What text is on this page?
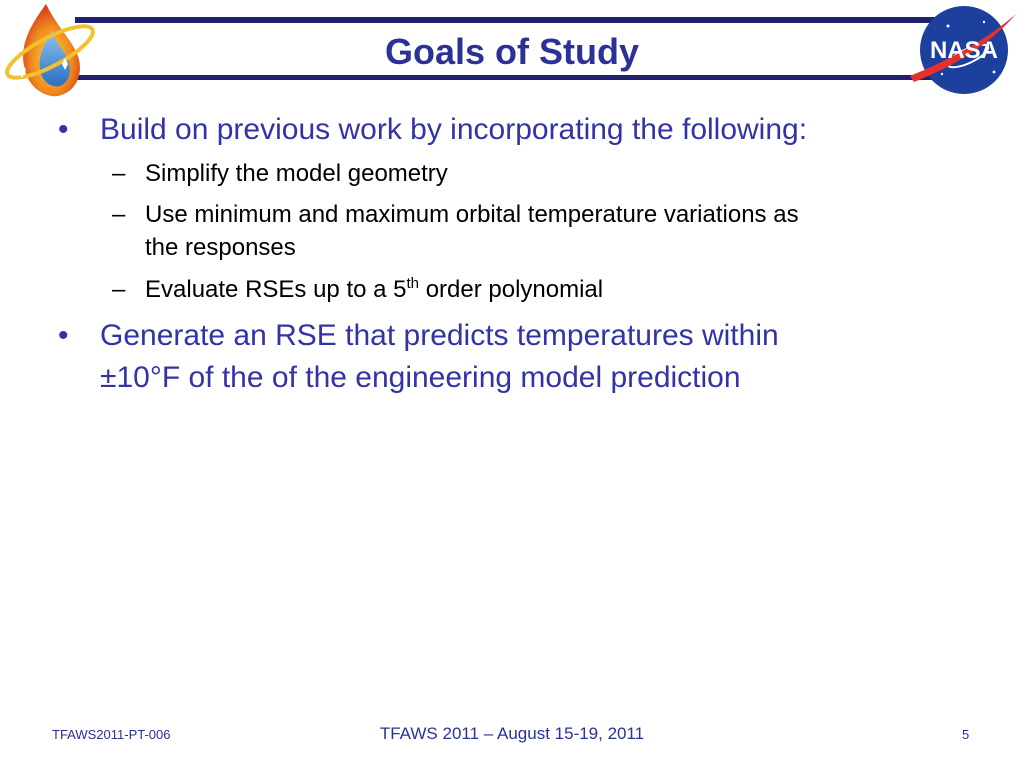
NASA
Goals of Study
• Build on previous work by incorporating the following:
– Simplify the model geometry
– Use minimum and maximum orbital temperature variations as
the responses
– Evaluate RSEs up to a 5th order polynomial
• Generate an RSE that predicts temperatures within
±10°F of the of the engineering model prediction
TFAWS2011-PT-006	TFAWS 2011 – August 15-19, 2011	5
